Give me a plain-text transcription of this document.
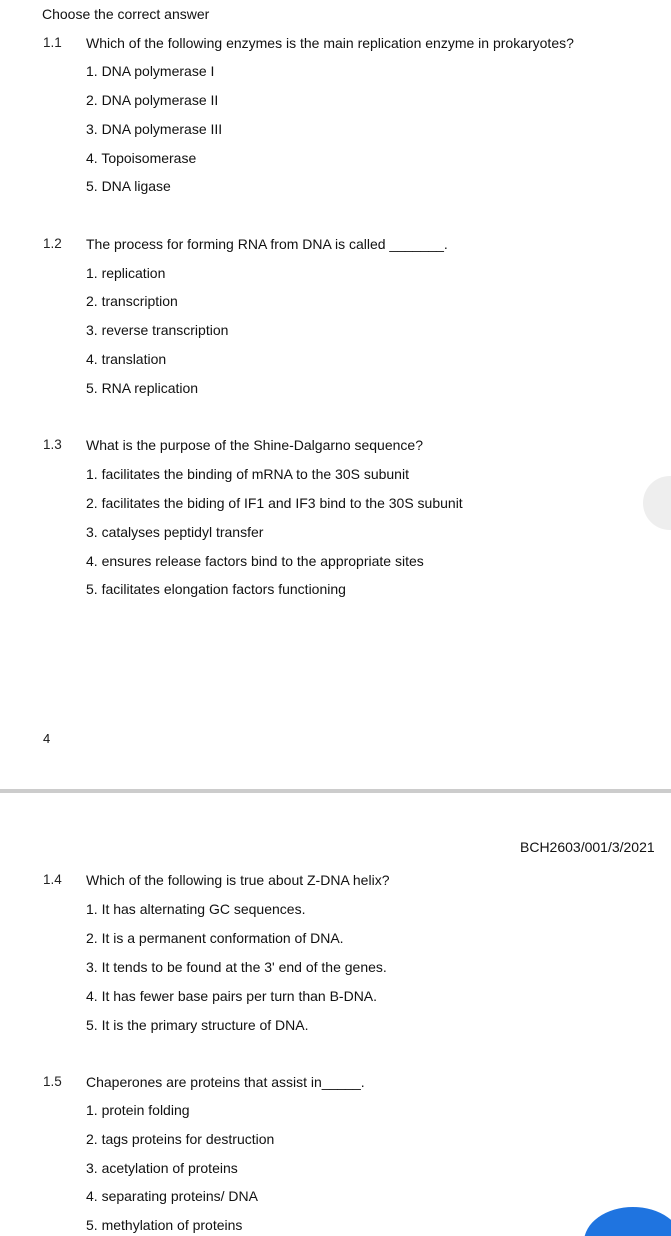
Choose the correct answer
1.1 Which of the following enzymes is the main replication enzyme in prokaryotes?
1. DNA polymerase I
2. DNA polymerase II
3. DNA polymerase III
4. Topoisomerase
5. DNA ligase
1.2 The process for forming RNA from DNA is called _______.
1. replication
2. transcription
3. reverse transcription
4. translation
5. RNA replication
1.3 What is the purpose of the Shine-Dalgarno sequence?
1. facilitates the binding of mRNA to the 30S subunit
2. facilitates the biding of IF1 and IF3 bind to the 30S subunit
3. catalyses peptidyl transfer
4. ensures release factors bind to the appropriate sites
5. facilitates elongation factors functioning
4
BCH2603/001/3/2021
1.4 Which of the following is true about Z-DNA helix?
1. It has alternating GC sequences.
2. It is a permanent conformation of DNA.
3. It tends to be found at the 3' end of the genes.
4. It has fewer base pairs per turn than B-DNA.
5. It is the primary structure of DNA.
1.5 Chaperones are proteins that assist in_____.
1. protein folding
2. tags proteins for destruction
3. acetylation of proteins
4. separating proteins/ DNA
5. methylation of proteins
